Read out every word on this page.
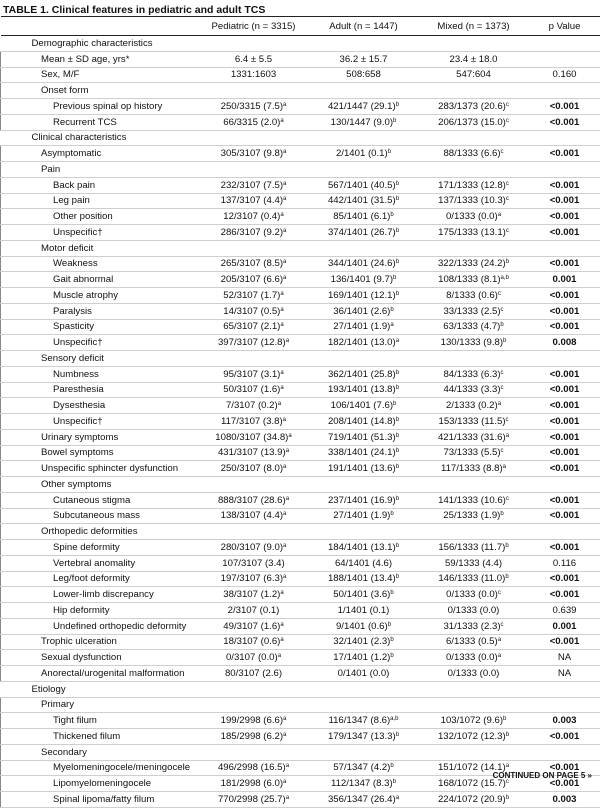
TABLE 1. Clinical features in pediatric and adult TCS
	Pediatric (n = 3315)	Adult (n = 1447)	Mixed (n = 1373)	p Value
Demographic characteristics				
Mean ± SD age, yrs*	6.4 ± 5.5	36.2 ± 15.7	23.4 ± 18.0	
Sex, M/F	1331:1603	508:658	547:604	0.160
Onset form				
Previous spinal op history	250/3315 $(7.5)^a$	421/1447 $(29.1)^b$	283/1373 $(20.6)^c$	<0.001
Recurrent TCS	66/3315 $(2.0)^a$	130/1447 $(9.0)^b$	206/1373 $(15.0)^c$	<0.001
Clinical characteristics				
Asymptomatic	305/3107 $(9.8)^a$	2/1401 $(0.1)^b$	88/1333 $(6.6)^c$	<0.001
Pain				
Back pain	232/3107 $(7.5)^a$	567/1401 $(40.5)^b$	171/1333 $(12.8)^c$	<0.001
Leg pain	137/3107 $(4.4)^a$	442/1401 $(31.5)^b$	137/1333 $(10.3)^c$	<0.001
Other position	12/3107 $(0.4)^a$	85/1401 $(6.1)^b$	0/1333 $(0.0)^a$	<0.001
Unspecific†	286/3107 $(9.2)^a$	374/1401 $(26.7)^b$	175/1333 $(13.1)^c$	<0.001
Motor deficit				
Weakness	265/3107 $(8.5)^a$	344/1401 $(24.6)^b$	322/1333 $(24.2)^b$	<0.001
Gait abnormal	205/3107 $(6.6)^a$	136/1401 $(9.7)^b$	108/1333 $(8.1)^{a,b}$	0.001
Muscle atrophy	52/3107 $(1.7)^a$	169/1401 $(12.1)^b$	8/1333 $(0.6)^c$	<0.001
Paralysis	14/3107 $(0.5)^a$	36/1401 $(2.6)^b$	33/1333 $(2.5)^c$	<0.001
Spasticity	65/3107 $(2.1)^a$	27/1401 $(1.9)^a$	63/1333 $(4.7)^b$	<0.001
Unspecific†	397/3107 $(12.8)^a$	182/1401 $(13.0)^a$	130/1333 $(9.8)^b$	0.008
Sensory deficit				
Numbness	95/3107 $(3.1)^a$	362/1401 $(25.8)^b$	84/1333 $(6.3)^c$	<0.001
Paresthesia	50/3107 $(1.6)^a$	193/1401 $(13.8)^b$	44/1333 $(3.3)^c$	<0.001
Dysesthesia	7/3107 $(0.2)^a$	106/1401 $(7.6)^b$	2/1333 $(0.2)^a$	<0.001
Unspecific†	117/3107 $(3.8)^a$	208/1401 $(14.8)^b$	153/1333 $(11.5)^c$	<0.001
Urinary symptoms	1080/3107 $(34.8)^a$	719/1401 $(51.3)^b$	421/1333 $(31.6)^a$	<0.001
Bowel symptoms	431/3107 $(13.9)^a$	338/1401 $(24.1)^b$	73/1333 $(5.5)^c$	<0.001
Unspecific sphincter dysfunction	250/3107 $(8.0)^a$	191/1401 $(13.6)^b$	117/1333 $(8.8)^a$	<0.001
Other symptoms				
Cutaneous stigma	888/3107 $(28.6)^a$	237/1401 $(16.9)^b$	141/1333 $(10.6)^c$	<0.001
Subcutaneous mass	138/3107 $(4.4)^a$	27/1401 $(1.9)^b$	25/1333 $(1.9)^b$	<0.001
Orthopedic deformities				
Spine deformity	280/3107 $(9.0)^a$	184/1401 $(13.1)^b$	156/1333 $(11.7)^b$	<0.001
Vertebral anomality	107/3107 (3.4)	64/1401 (4.6)	59/1333 (4.4)	0.116
Leg/foot deformity	197/3107 $(6.3)^a$	188/1401 $(13.4)^b$	146/1333 $(11.0)^b$	<0.001
Lower-limb discrepancy	38/3107 $(1.2)^a$	50/1401 $(3.6)^b$	0/1333 $(0.0)^c$	<0.001
Hip deformity	2/3107 (0.1)	1/1401 (0.1)	0/1333 (0.0)	0.639
Undefined orthopedic deformity	49/3107 $(1.6)^a$	9/1401 $(0.6)^b$	31/1333 $(2.3)^c$	0.001
Trophic ulceration	18/3107 $(0.6)^a$	32/1401 $(2.3)^b$	6/1333 $(0.5)^a$	<0.001
Sexual dysfunction	0/3107 $(0.0)^a$	17/1401 $(1.2)^b$	0/1333 $(0.0)^a$	NA
Anorectal/urogenital malformation	80/3107 (2.6)	0/1401 (0.0)	0/1333 (0.0)	NA
Etiology				
Primary				
Tight filum	199/2998 $(6.6)^a$	116/1347 $(8.6)^{a,b}$	103/1072 $(9.6)^b$	0.003
Thickened filum	185/2998 $(6.2)^a$	179/1347 $(13.3)^b$	132/1072 $(12.3)^b$	<0.001
Secondary				
Myelomeningocele/meningocele	496/2998 $(16.5)^a$	57/1347 $(4.2)^b$	151/1072 $(14.1)^a$	<0.001
Lipomyelomeningocele	181/2998 $(6.0)^a$	112/1347 $(8.3)^b$	168/1072 $(15.7)^c$	<0.001
Spinal lipoma/fatty filum	770/2998 $(25.7)^a$	356/1347 $(26.4)^a$	224/1072 $(20.9)^b$	0.003
CONTINUED ON PAGE 5 »
